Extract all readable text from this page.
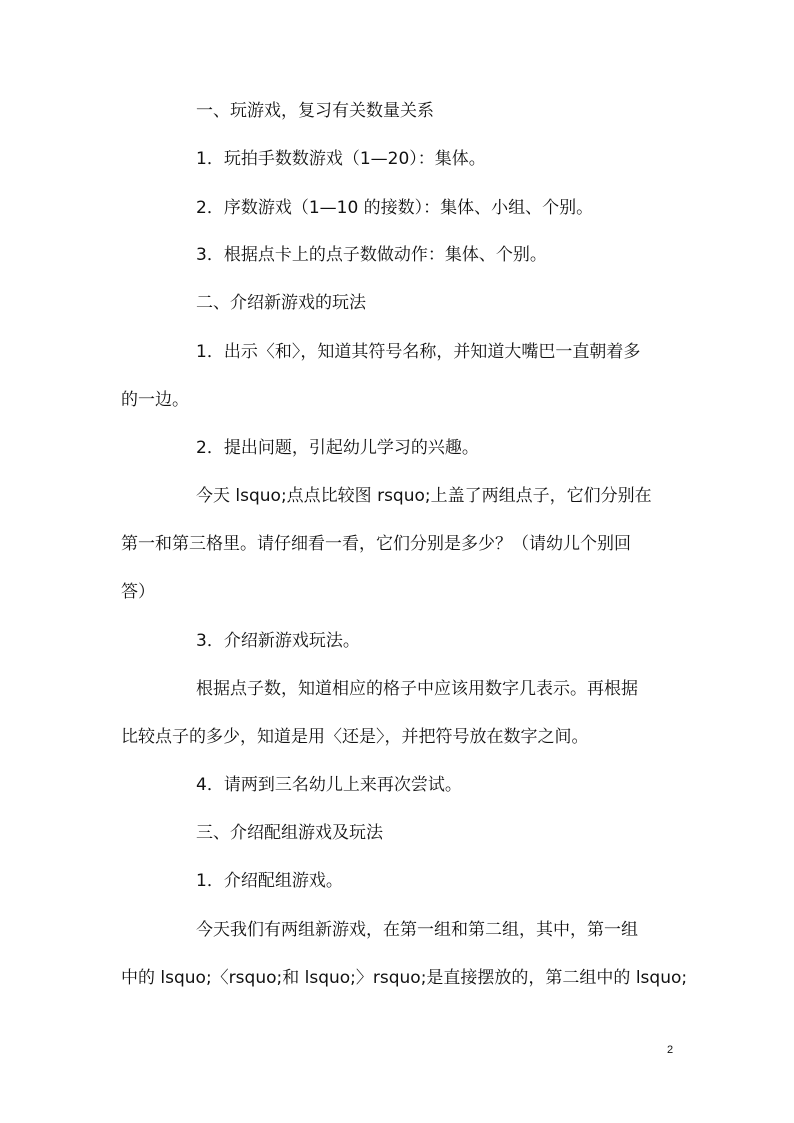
一、玩游戏，复习有关数量关系
1．玩拍手数数游戏（1—20）：集体。
2．序数游戏（1—10 的接数）：集体、小组、个别。
3．根据点卡上的点子数做动作：集体、个别。
二、介绍新游戏的玩法
1．出示〈和〉，知道其符号名称，并知道大嘴巴一直朝着多
的一边。
2．提出问题，引起幼儿学习的兴趣。
今天 lsquo;点点比较图 rsquo;上盖了两组点子，它们分别在
第一和第三格里。请仔细看一看，它们分别是多少？（请幼儿个别回
答）
3．介绍新游戏玩法。
根据点子数，知道相应的格子中应该用数字几表示。再根据
比较点子的多少，知道是用〈还是〉，并把符号放在数字之间。
4．请两到三名幼儿上来再次尝试。
三、介绍配组游戏及玩法
1．介绍配组游戏。
今天我们有两组新游戏，在第一组和第二组，其中，第一组
中的 lsquo;〈rsquo;和 lsquo;〉rsquo;是直接摆放的，第二组中的 lsquo;
2
